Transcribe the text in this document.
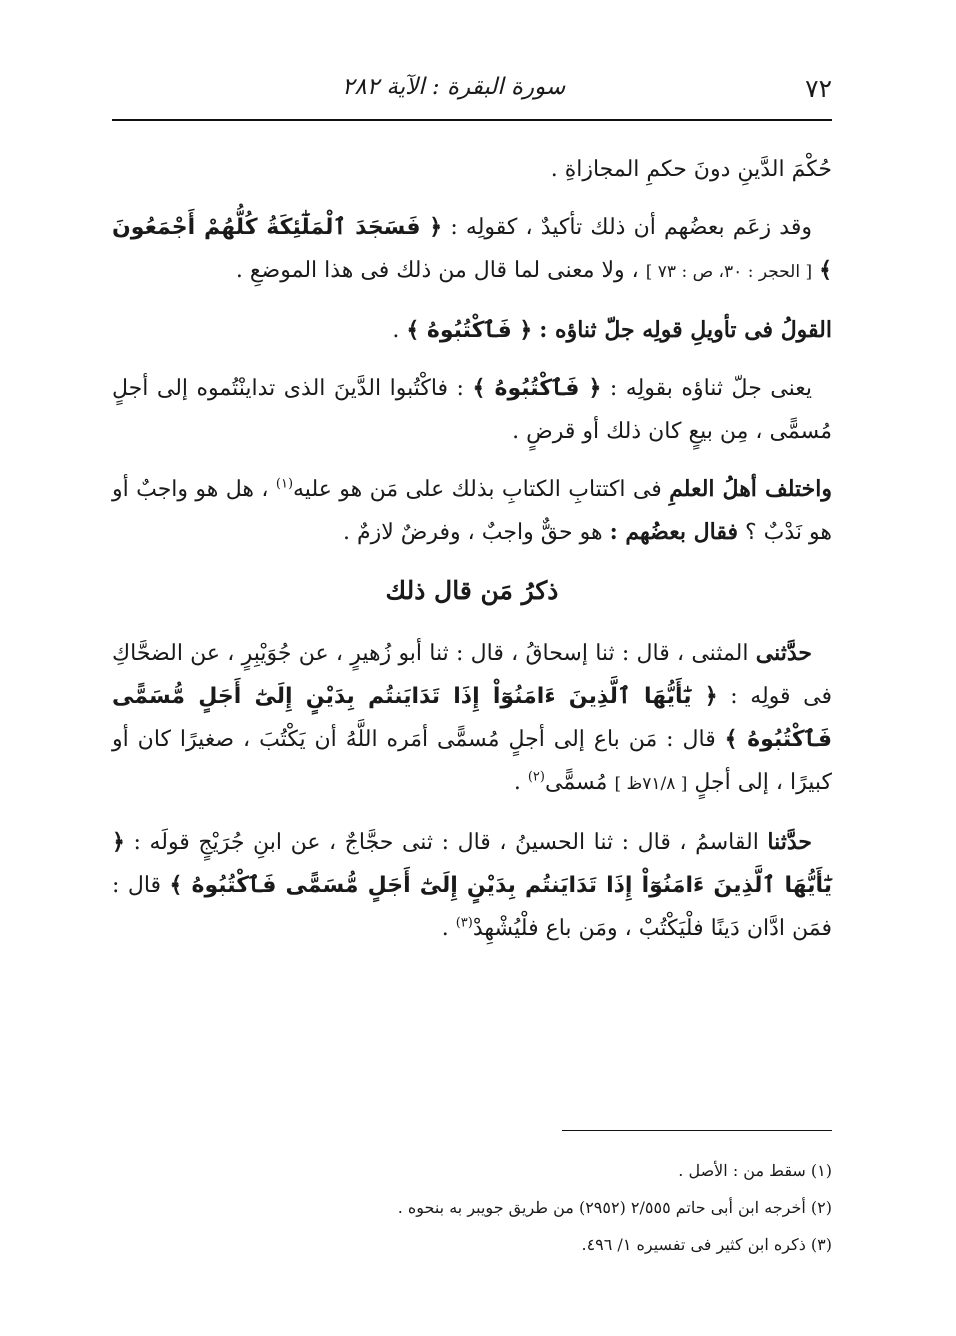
٧٢
سورة البقرة : الآية ٢٨٢

حُكْمَ الدَّينِ دونَ حكمِ المجازاةِ .

وقد زعَم بعضُهم أن ذلك تأكيدٌ ، كقولِه : ﴿ فَسَجَدَ ٱلْمَلَٰٓئِكَةُ كُلُّهُمْ أَجْمَعُونَ ﴾ [ الحجر : ٣٠، ص : ٧٣ ] ، ولا معنى لما قال من ذلك فى هذا الموضعِ .

القولُ فى تأويلِ قولِه جلّ ثناؤه : ﴿ فَٱكْتُبُوهُ ﴾ .

يعنى جلّ ثناؤه بقولِه : ﴿ فَٱكْتُبُوهُ ﴾ : فاكْتُبوا الدَّينَ الذى تداينْتُموه إلى أجلٍ مُسمًّى ، مِن بيعٍ كان ذلك أو قرضٍ .

واختلف أهلُ العلمِ فى اكتتابِ الكتابِ بذلك على مَن هو عليه$^{(١)}$ ، هل هو واجبٌ أو هو نَدْبٌ ؟ فقال بعضُهم : هو حقٌّ واجبٌ ، وفرضٌ لازمٌ .

ذكرُ مَن قال ذلك

حدَّثنى المثنى ، قال : ثنا إسحاقُ ، قال : ثنا أبو زُهيرٍ ، عن جُوَيْبِرٍ ، عن الضحَّاكِ فى قولِه : ﴿ يَٰٓأَيُّهَا ٱلَّذِينَ ءَامَنُوٓاْ إِذَا تَدَايَنتُم بِدَيْنٍ إِلَىٰٓ أَجَلٍ مُّسَمًّى فَٱكْتُبُوهُ ﴾ قال : مَن باع إلى أجلٍ مُسمًّى أمَره اللَّهُ أن يَكْتُبَ ، صغيرًا كان أو كبيرًا ، إلى أجلٍ [ ٧١/٨ظ ] مُسمًّى$^{(٢)}$ .

حدَّثنا القاسمُ ، قال : ثنا الحسينُ ، قال : ثنى حجَّاجٌ ، عن ابنِ جُرَيْجٍ قولَه : ﴿ يَٰٓأَيُّهَا ٱلَّذِينَ ءَامَنُوٓاْ إِذَا تَدَايَنتُم بِدَيْنٍ إِلَىٰٓ أَجَلٍ مُّسَمًّى فَٱكْتُبُوهُ ﴾ قال : فمَن ادَّان دَينًا فلْيَكْتُبْ ، ومَن باع فلْيُشْهِدْ$^{(٣)}$ .

(١) سقط من : الأصل .
(٢) أخرجه ابن أبى حاتم ٢/٥٥٥ (٢٩٥٢) من طريق جويبر به بنحوه .
(٣) ذكره ابن كثير فى تفسيره ١/ ٤٩٦.
